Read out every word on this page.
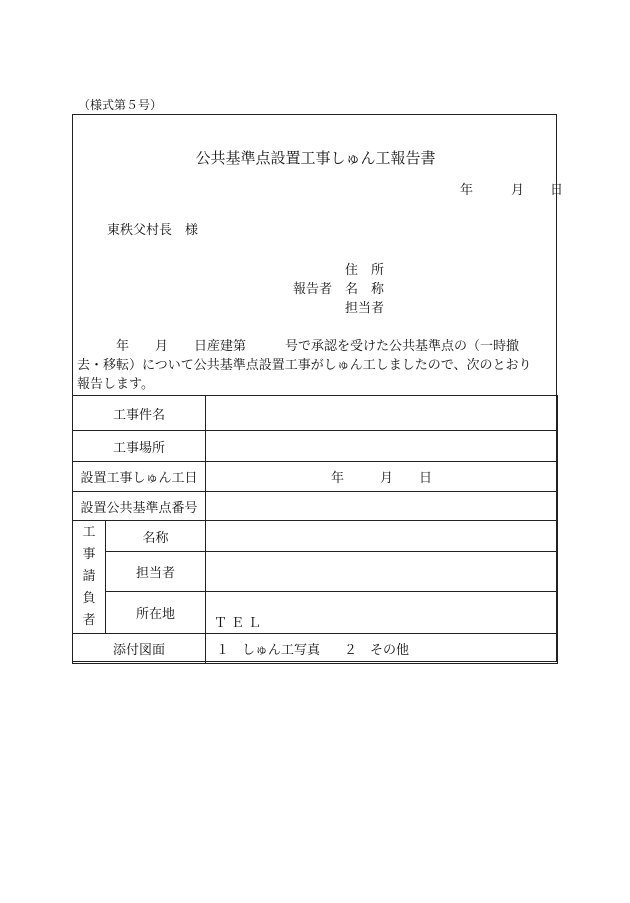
（様式第５号）
公共基準点設置工事しゅん工報告書
年	月 日
東秩父村長　様
住　所
報告者 名　称
担当者
　　　年　　月　　日産建第　　　号で承認を受けた公共基準点の（一時撤
去・移転）について公共基準点設置工事がしゅん工しましたので、次のとおり
報告します。
工事件名		
工事場所		
設置工事しゅん工日		年 月 日
設置公共基準点番号		

工
事
請
負
者	名称	
	担当者	
	所在地	ＴＥＬ

添付図面		１　しゅん工写真 ２　その他
